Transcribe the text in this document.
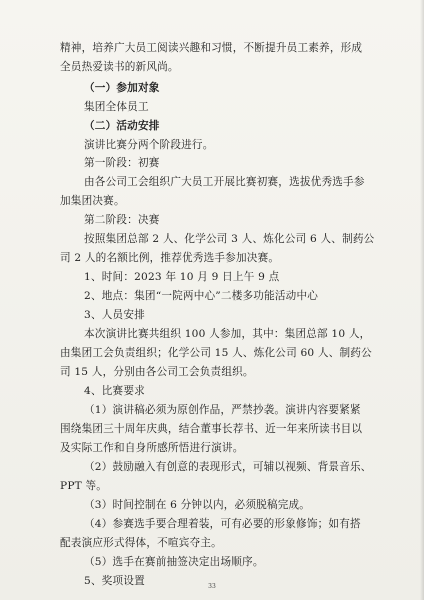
精神，培养广大员工阅读兴趣和习惯，不断提升员工素养，形成
全员热爱读书的新风尚。
（一）参加对象
集团全体员工
（二）活动安排
演讲比赛分两个阶段进行。
第一阶段：初赛
由各公司工会组织广大员工开展比赛初赛，选拔优秀选手参
加集团决赛。
第二阶段：决赛
按照集团总部 2 人、化学公司 3 人、炼化公司 6 人、制药公
司 2 人的名额比例，推荐优秀选手参加决赛。
1、时间：2023 年 10 月 9 日上午 9 点
2、地点：集团“一院两中心”二楼多功能活动中心
3、人员安排
本次演讲比赛共组织 100 人参加，其中：集团总部 10 人，
由集团工会负责组织；化学公司 15 人、炼化公司 60 人、制药公
司 15 人，分别由各公司工会负责组织。
4、比赛要求
（1）演讲稿必须为原创作品，严禁抄袭。演讲内容要紧紧
围绕集团三十周年庆典，结合董事长荐书、近一年来所读书目以
及实际工作和自身所感所悟进行演讲。
（2）鼓励融入有创意的表现形式，可辅以视频、背景音乐、
PPT 等。
（3）时间控制在 6 分钟以内，必须脱稿完成。
（4）参赛选手要合理着装，可有必要的形象修饰；如有搭
配表演应形式得体，不喧宾夺主。
（5）选手在赛前抽签决定出场顺序。
5、奖项设置	33
